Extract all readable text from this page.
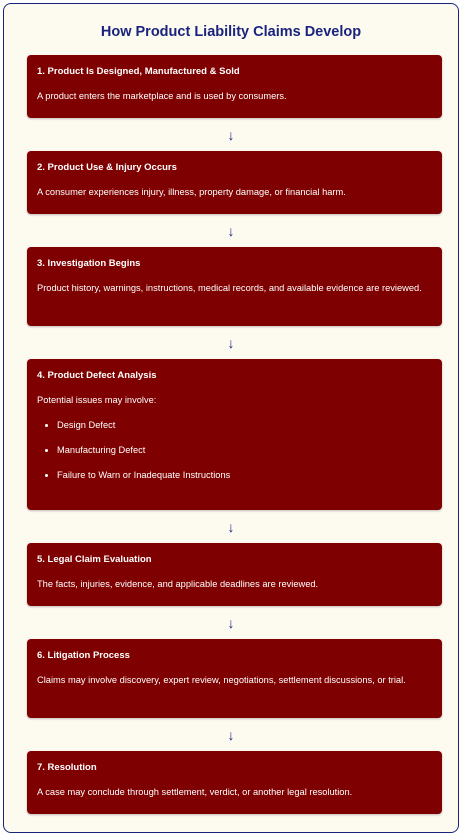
How Product Liability Claims Develop
1. Product Is Designed, Manufactured & Sold
A product enters the marketplace and is used by consumers.
↓
2. Product Use & Injury Occurs
A consumer experiences injury, illness, property damage, or financial harm.
↓
3. Investigation Begins
Product history, warnings, instructions, medical records, and available evidence are reviewed.
↓
4. Product Defect Analysis
Potential issues may involve:
• Design Defect
• Manufacturing Defect
• Failure to Warn or Inadequate Instructions
↓
5. Legal Claim Evaluation
The facts, injuries, evidence, and applicable deadlines are reviewed.
↓
6. Litigation Process
Claims may involve discovery, expert review, negotiations, settlement discussions, or trial.
↓
7. Resolution
A case may conclude through settlement, verdict, or another legal resolution.
